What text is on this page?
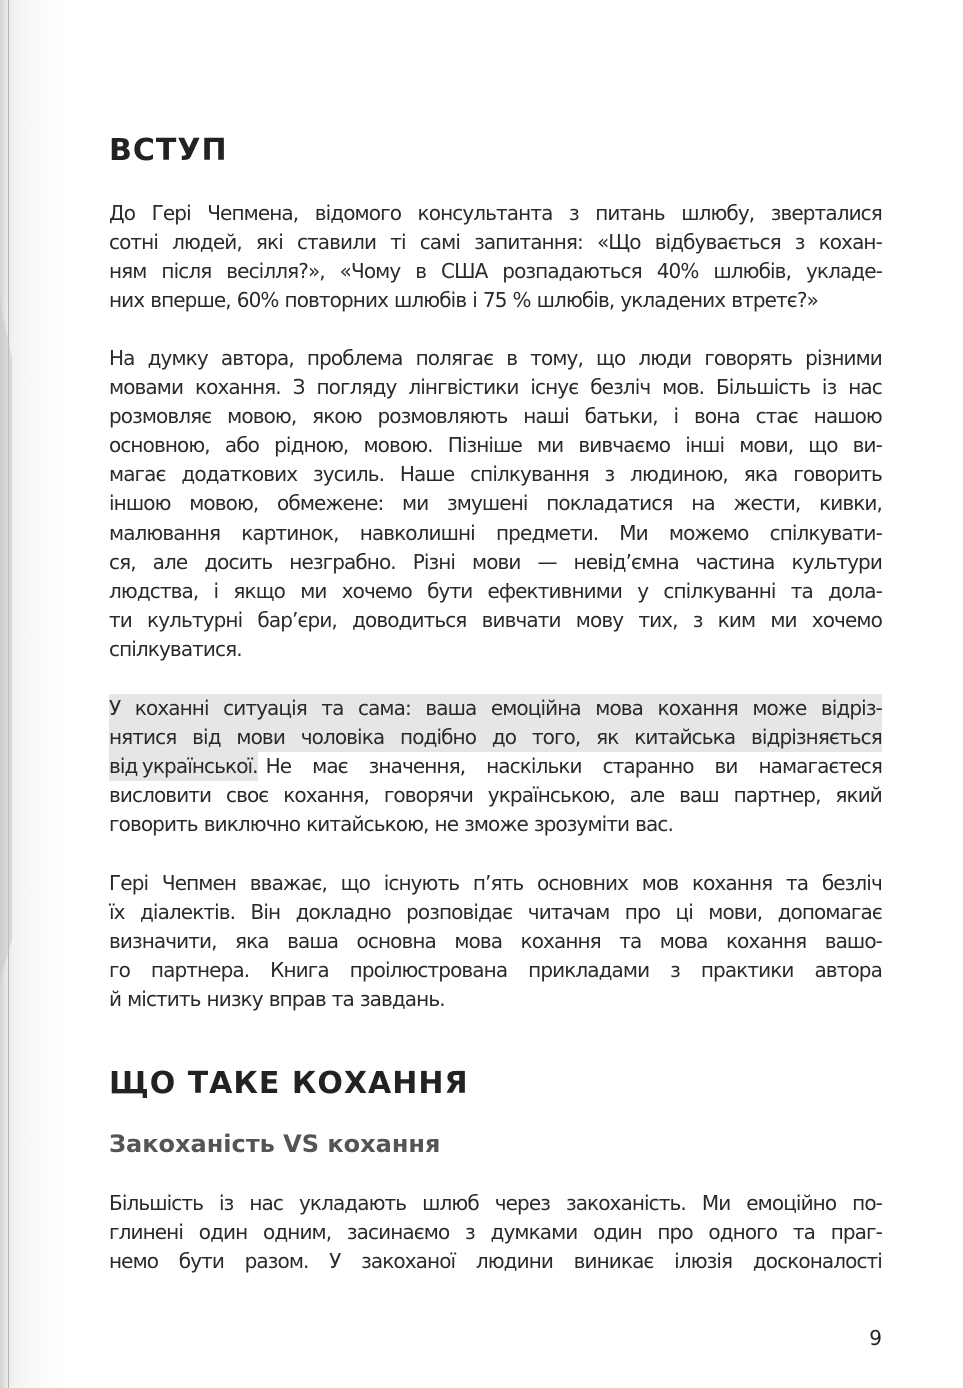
ВСТУП
До Гері Чепмена, відомого консультанта з питань шлюбу, зверталися
сотні людей, які ставили ті самі запитання: «Що відбувається з кохан-
ням після весілля?», «Чому в США розпадаються 40% шлюбів, укладе-
них вперше, 60% повторних шлюбів і 75 % шлюбів, укладених втретє?»
На думку автора, проблема полягає в тому, що люди говорять різними
мовами кохання. З погляду лінгвістики існує безліч мов. Більшість із нас
розмовляє мовою, якою розмовляють наші батьки, і вона стає нашою
основною, або рідною, мовою. Пізніше ми вивчаємо інші мови, що ви-
магає додаткових зусиль. Наше спілкування з людиною, яка говорить
іншою мовою, обмежене: ми змушені покладатися на жести, кивки,
малювання картинок, навколишні предмети. Ми можемо спілкувати-
ся, але досить незграбно. Різні мови — невід’ємна частина культури
людства, і якщо ми хочемо бути ефективними у спілкуванні та дола-
ти культурні бар’єри, доводиться вивчати мову тих, з ким ми хочемо
спілкуватися.
У коханні ситуація та сама: ваша емоційна мова кохання може відріз-
нятися від мови чоловіка подібно до того, як китайська відрізняється
від української. Не має значення, наскільки старанно ви намагаєтеся
висловити своє кохання, говорячи українською, але ваш партнер, який
говорить виключно китайською, не зможе зрозуміти вас.
Гері Чепмен вважає, що існують п’ять основних мов кохання та безліч
їх діалектів. Він докладно розповідає читачам про ці мови, допомагає
визначити, яка ваша основна мова кохання та мова кохання вашо-
го партнера. Книга проілюстрована прикладами з практики автора
й містить низку вправ та завдань.
ЩО ТАКЕ КОХАННЯ
Закоханість VS кохання
Більшість із нас укладають шлюб через закоханість. Ми емоційно по-
глинені один одним, засинаємо з думками один про одного та праг-
немо бути разом. У закоханої людини виникає ілюзія досконалості
9
